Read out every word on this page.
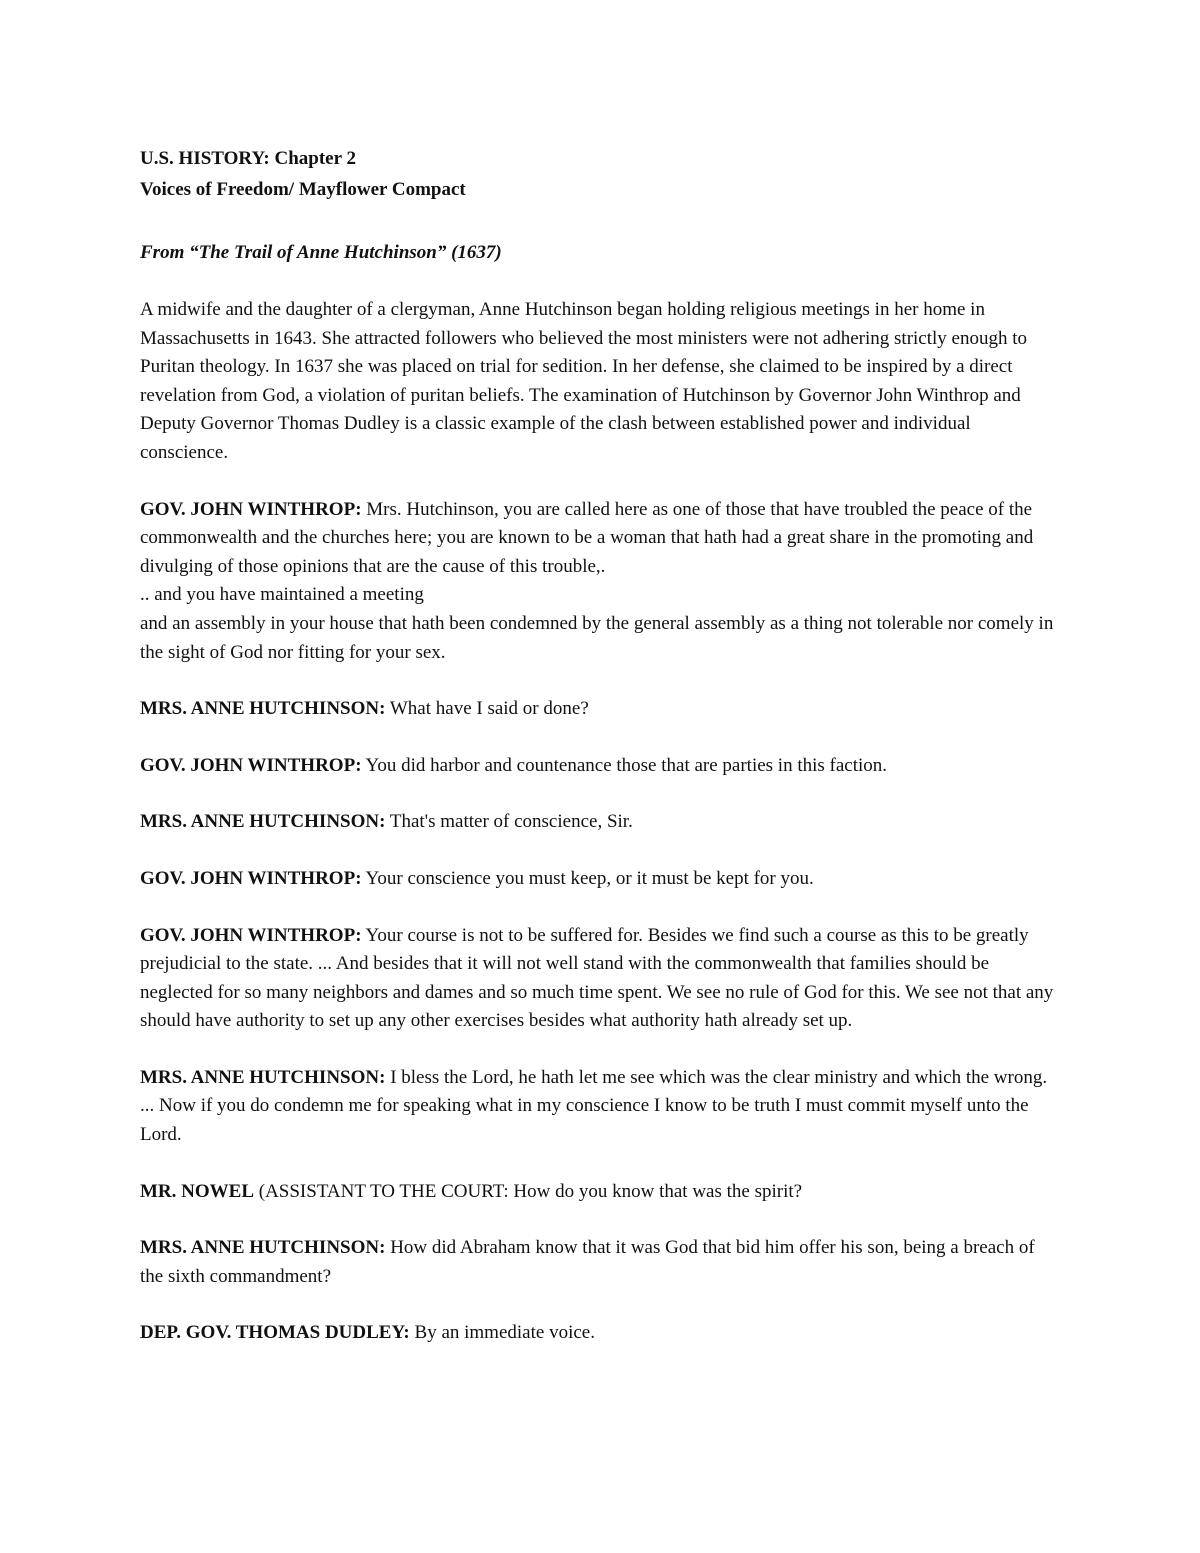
U.S. HISTORY: Chapter 2
Voices of Freedom/ Mayflower Compact

From “The Trail of Anne Hutchinson” (1637)

A midwife and the daughter of a clergyman, Anne Hutchinson began holding religious meetings in her home in Massachusetts in 1643. She attracted followers who believed the most ministers were not adhering strictly enough to Puritan theology. In 1637 she was placed on trial for sedition. In her defense, she claimed to be inspired by a direct revelation from God, a violation of puritan beliefs. The examination of Hutchinson by Governor John Winthrop and Deputy Governor Thomas Dudley is a classic example of the clash between established power and individual conscience.

GOV. JOHN WINTHROP: Mrs. Hutchinson, you are called here as one of those that have troubled the peace of the commonwealth and the churches here; you are known to be a woman that hath had a great share in the promoting and divulging of those opinions that are the cause of this trouble,.
.. and you have maintained a meeting
and an assembly in your house that hath been condemned by the general assembly as a thing not tolerable nor comely in the sight of God nor fitting for your sex.

MRS. ANNE HUTCHINSON: What have I said or done?

GOV. JOHN WINTHROP: You did harbor and countenance those that are parties in this faction.

MRS. ANNE HUTCHINSON: That's matter of conscience, Sir.

GOV. JOHN WINTHROP: Your conscience you must keep, or it must be kept for you.

GOV. JOHN WINTHROP: Your course is not to be suffered for. Besides we find such a course as this to be greatly prejudicial to the state. ... And besides that it will not well stand with the commonwealth that families should be neglected for so many neighbors and dames and so much time spent. We see no rule of God for this. We see not that any should have authority to set up any other exercises besides what authority hath already set up.

MRS. ANNE HUTCHINSON: I bless the Lord, he hath let me see which was the clear ministry and which the wrong. ... Now if you do condemn me for speaking what in my conscience I know to be truth I must commit myself unto the Lord.

MR. NOWEL (ASSISTANT TO THE COURT: How do you know that was the spirit?

MRS. ANNE HUTCHINSON: How did Abraham know that it was God that bid him offer his son, being a breach of the sixth commandment?

DEP. GOV. THOMAS DUDLEY: By an immediate voice.
